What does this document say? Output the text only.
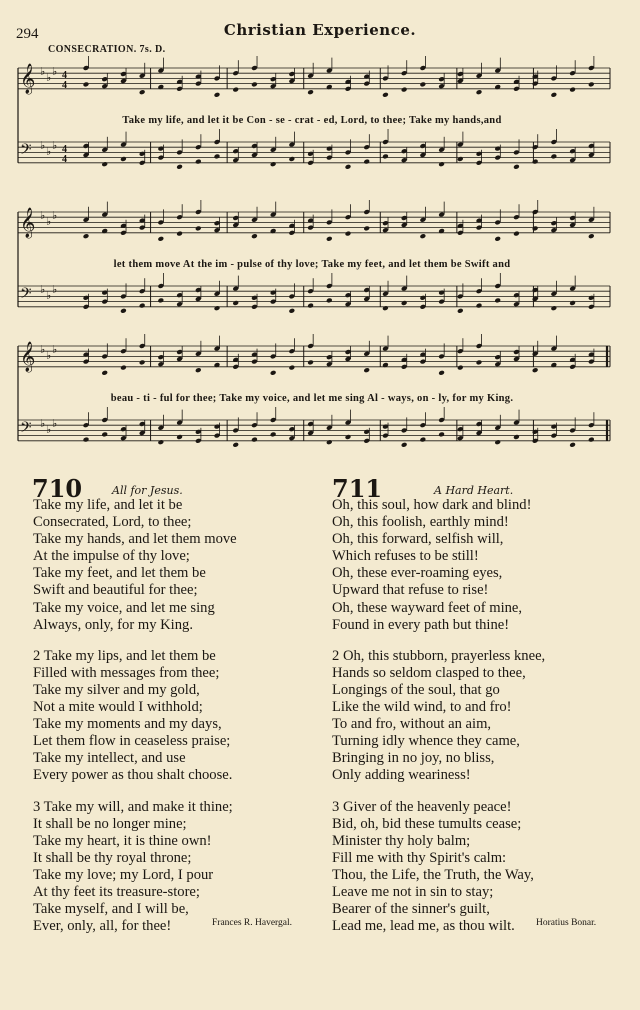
294	Christian Experience.
CONSECRATION. 7s. D.
𝄞 ♭ ♭ ♭ 4
4
𝄢 ♭ ♭ ♭ 4
4
Take my life, and let it be Con - se - crat - ed, Lord, to thee; Take my hands,and
𝄞 ♭ ♭ ♭
𝄢 ♭ ♭ ♭
let them move At the im - pulse of thy love; Take my feet, and let them be Swift and
𝄞 ♭ ♭ ♭
𝄢 ♭ ♭ ♭
beau - ti - ful for thee; Take my voice, and let me sing Al - ways, on - ly, for my King.
710	All for Jesus.
Take my life, and let it be
Consecrated, Lord, to thee;
Take my hands, and let them move
At the impulse of thy love;
Take my feet, and let them be
Swift and beautiful for thee;
Take my voice, and let me sing
Always, only, for my King.
2 Take my lips, and let them be
Filled with messages from thee;
Take my silver and my gold,
Not a mite would I withhold;
Take my moments and my days,
Let them flow in ceaseless praise;
Take my intellect, and use
Every power as thou shalt choose.
3 Take my will, and make it thine;
It shall be no longer mine;
Take my heart, it is thine own!
It shall be thy royal throne;
Take my love; my Lord, I pour
At thy feet its treasure-store;
Take myself, and I will be,
Ever, only, all, for thee!	Frances R. Havergal.
711	A Hard Heart.
Oh, this soul, how dark and blind!
Oh, this foolish, earthly mind!
Oh, this forward, selfish will,
Which refuses to be still!
Oh, these ever-roaming eyes,
Upward that refuse to rise!
Oh, these wayward feet of mine,
Found in every path but thine!
2 Oh, this stubborn, prayerless knee,
Hands so seldom clasped to thee,
Longings of the soul, that go
Like the wild wind, to and fro!
To and fro, without an aim,
Turning idly whence they came,
Bringing in no joy, no bliss,
Only adding weariness!
3 Giver of the heavenly peace!
Bid, oh, bid these tumults cease;
Minister thy holy balm;
Fill me with thy Spirit's calm:
Thou, the Life, the Truth, the Way,
Leave me not in sin to stay;
Bearer of the sinner's guilt,
Lead me, lead me, as thou wilt.	Horatius Bonar.
